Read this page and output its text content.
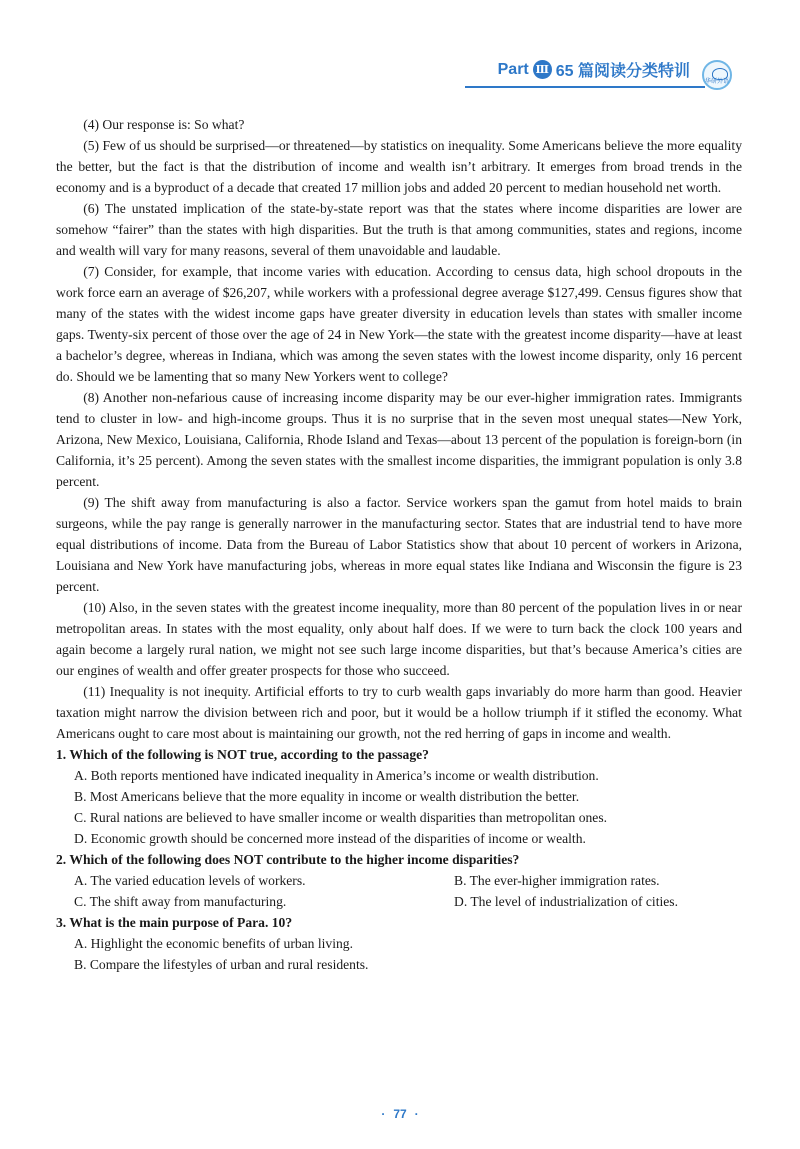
Part Ⅲ 65 篇阅读分类特训
华研外语

(4) Our response is: So what?

(5) Few of us should be surprised—or threatened—by statistics on inequality. Some Americans believe the more equality the better, but the fact is that the distribution of income and wealth isn’t arbitrary. It emerges from broad trends in the economy and is a byproduct of a decade that created 17 million jobs and added 20 percent to median household net worth.

(6) The unstated implication of the state-by-state report was that the states where income disparities are lower are somehow “fairer” than the states with high disparities. But the truth is that among communities, states and regions, income and wealth will vary for many reasons, several of them unavoidable and laudable.

(7) Consider, for example, that income varies with education. According to census data, high school dropouts in the work force earn an average of $26,207, while workers with a professional degree average $127,499. Census figures show that many of the states with the widest income gaps have greater diversity in education levels than states with smaller income gaps. Twenty-six percent of those over the age of 24 in New York—the state with the greatest income disparity—have at least a bachelor’s degree, whereas in Indiana, which was among the seven states with the lowest income disparity, only 16 percent do. Should we be lamenting that so many New Yorkers went to college?

(8) Another non-nefarious cause of increasing income disparity may be our ever-higher immigration rates. Immigrants tend to cluster in low- and high-income groups. Thus it is no surprise that in the seven most unequal states—New York, Arizona, New Mexico, Louisiana, California, Rhode Island and Texas—about 13 percent of the population is foreign-born (in California, it’s 25 percent). Among the seven states with the smallest income disparities, the immigrant population is only 3.8 percent.

(9) The shift away from manufacturing is also a factor. Service workers span the gamut from hotel maids to brain surgeons, while the pay range is generally narrower in the manufacturing sector. States that are industrial tend to have more equal distributions of income. Data from the Bureau of Labor Statistics show that about 10 percent of workers in Arizona, Louisiana and New York have manufacturing jobs, whereas in more equal states like Indiana and Wisconsin the figure is 23 percent.

(10) Also, in the seven states with the greatest income inequality, more than 80 percent of the population lives in or near metropolitan areas. In states with the most equality, only about half does. If we were to turn back the clock 100 years and again become a largely rural nation, we might not see such large income disparities, but that’s because America’s cities are our engines of wealth and offer greater prospects for those who succeed.

(11) Inequality is not inequity. Artificial efforts to try to curb wealth gaps invariably do more harm than good. Heavier taxation might narrow the division between rich and poor, but it would be a hollow triumph if it stifled the economy. What Americans ought to care most about is maintaining our growth, not the red herring of gaps in income and wealth.

1. Which of the following is NOT true, according to the passage?

A. Both reports mentioned have indicated inequality in America’s income or wealth distribution.

B. Most Americans believe that the more equality in income or wealth distribution the better.

C. Rural nations are believed to have smaller income or wealth disparities than metropolitan ones.

D. Economic growth should be concerned more instead of the disparities of income or wealth.

2. Which of the following does NOT contribute to the higher income disparities?

A. The varied education levels of workers.	B. The ever-higher immigration rates.

C. The shift away from manufacturing.	D. The level of industrialization of cities.

3. What is the main purpose of Para. 10?

A. Highlight the economic benefits of urban living.

B. Compare the lifestyles of urban and rural residents.

· 77 ·
